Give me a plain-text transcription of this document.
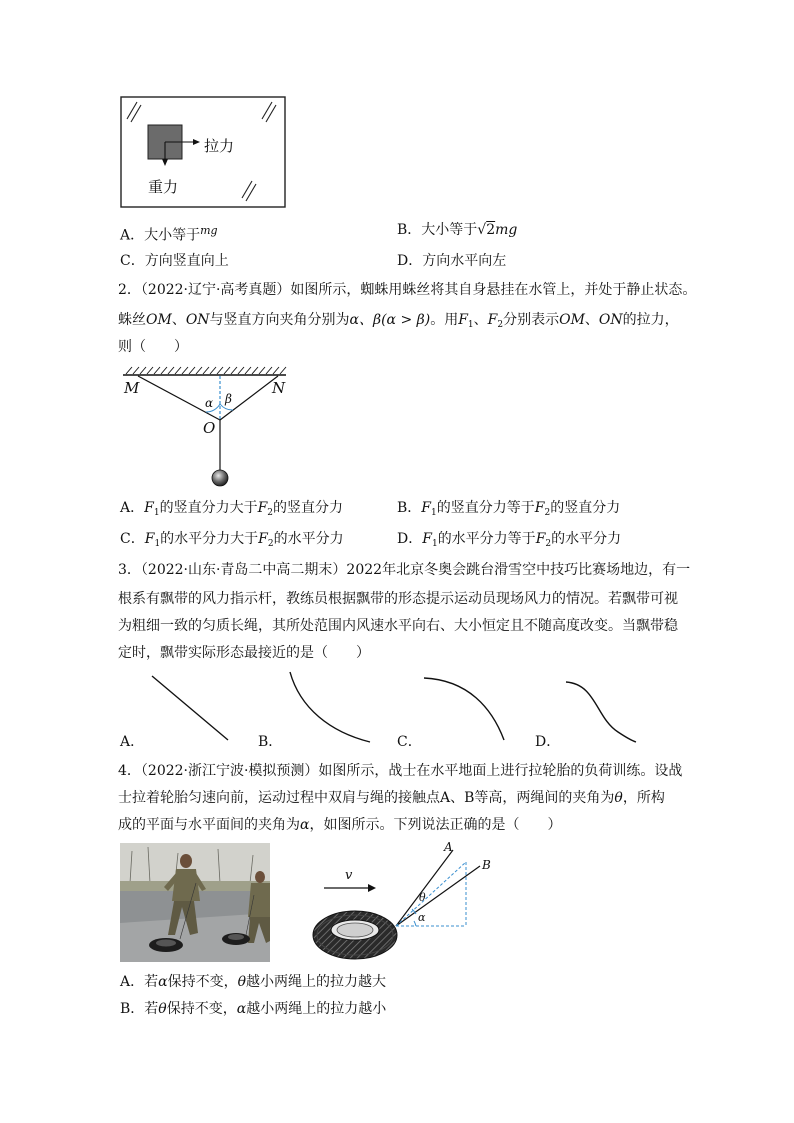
拉力
重力
A．大小等于$^{mg}$	B．大小等于√2mg
C．方向竖直向上	D．方向水平向左
2．（2022·辽宁·高考真题）如图所示，蜘蛛用蛛丝将其自身悬挂在水管上，并处于静止状态。
蛛丝OM、ON与竖直方向夹角分别为α、β(α > β)。用$F_1$、$F_2$分别表示OM、ON的拉力，
则（　　）
M	N
O
α β
A．$F_1$的竖直分力大于$F_2$的竖直分力	B．$F_1$的竖直分力等于$F_2$的竖直分力
C．$F_1$的水平分力大于$F_2$的水平分力	D．$F_1$的水平分力等于$F_2$的水平分力
3．（2022·山东·青岛二中高二期末）2022年北京冬奥会跳台滑雪空中技巧比赛场地边，有一
根系有飘带的风力指示杆，教练员根据飘带的形态提示运动员现场风力的情况。若飘带可视
为粗细一致的匀质长绳，其所处范围内风速水平向右、大小恒定且不随高度改变。当飘带稳
定时，飘带实际形态最接近的是（　　）
A．	B．	C．	D．
4．（2022·浙江宁波·模拟预测）如图所示，战士在水平地面上进行拉轮胎的负荷训练。设战
士拉着轮胎匀速向前，运动过程中双肩与绳的接触点A、B等高，两绳间的夹角为θ，所构
成的平面与水平面间的夹角为α，如图所示。下列说法正确的是（　　）
v
A
B
θ
α
A．若α保持不变，θ越小两绳上的拉力越大
B．若θ保持不变，α越小两绳上的拉力越小
